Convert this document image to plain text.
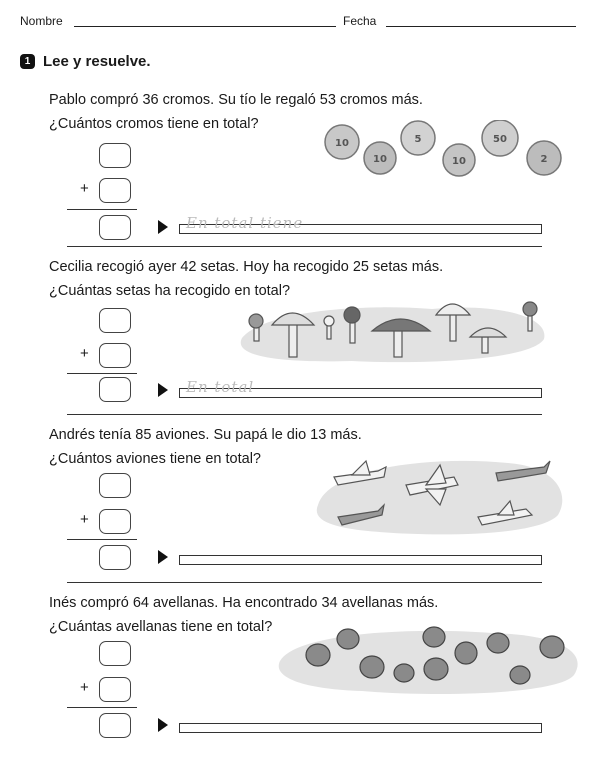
Nombre	Fecha
1 Lee y resuelve.
Pablo compró 36 cromos. Su tío le regaló 53 cromos más.
¿Cuántos cromos tiene en total?
+
En total tiene
10
10
5
10
50
2
Cecilia recogió ayer 42 setas. Hoy ha recogido 25 setas más.
¿Cuántas setas ha recogido en total?
+
En total
Andrés tenía 85 aviones. Su papá le dio 13 más.
¿Cuántos aviones tiene en total?
+
Inés compró 64 avellanas. Ha encontrado 34 avellanas más.
¿Cuántas avellanas tiene en total?
+
